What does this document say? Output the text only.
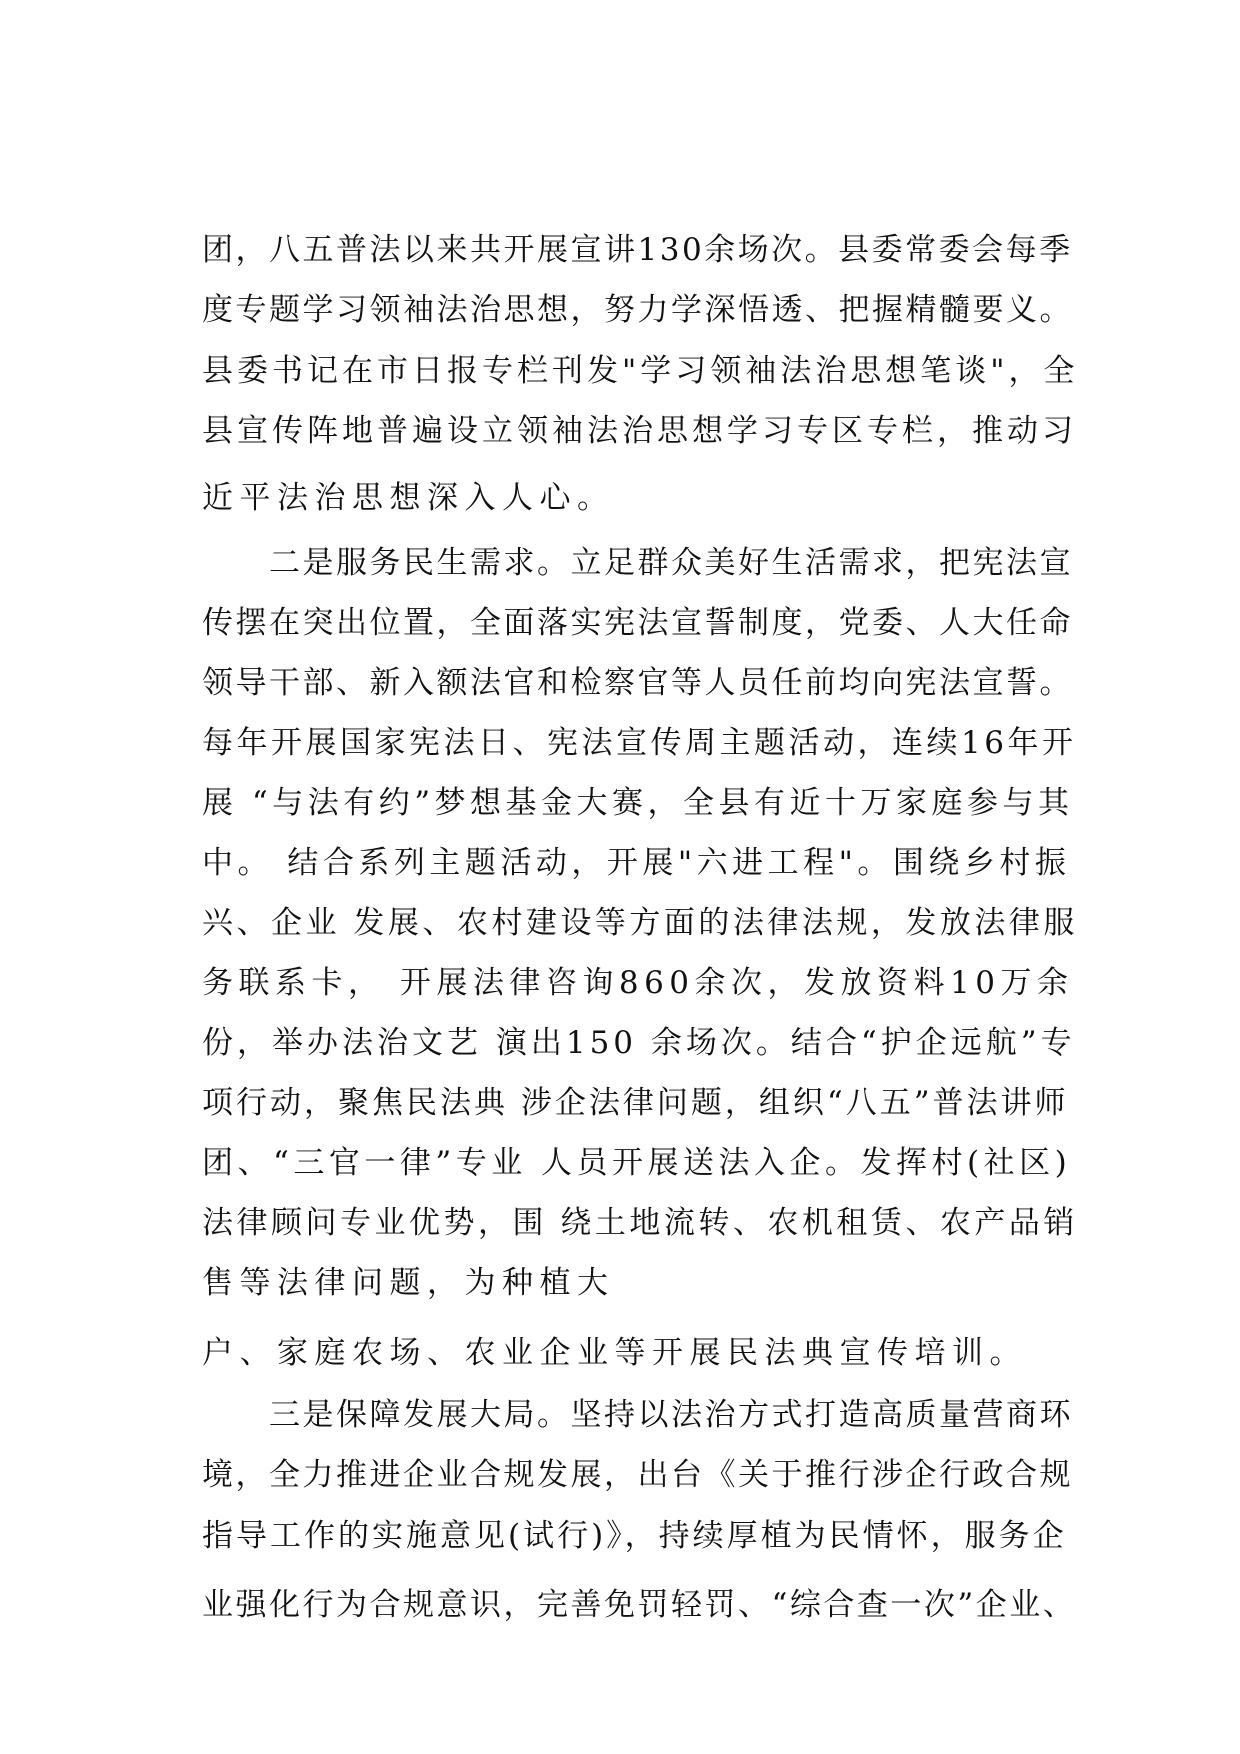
团，八五普法以来共开展宣讲130余场次。县委常委会每季
度专题学习领袖法治思想，努力学深悟透、把握精髓要义。
县委书记在市日报专栏刊发"学习领袖法治思想笔谈"，全
县宣传阵地普遍设立领袖法治思想学习专区专栏，推动习
近平法治思想深入人心。
　　二是服务民生需求。立足群众美好生活需求，把宪法宣
传摆在突出位置，全面落实宪法宣誓制度，党委、人大任命
领导干部、新入额法官和检察官等人员任前均向宪法宣誓。
每年开展国家宪法日、宪法宣传周主题活动，连续16年开
展 “与法有约”梦想基金大赛，全县有近十万家庭参与其
中。 结合系列主题活动，开展"六进工程"。围绕乡村振
兴、企业 发展、农村建设等方面的法律法规，发放法律服
务联系卡， 开展法律咨询860余次，发放资料10万余
份，举办法治文艺 演出150 余场次。结合“护企远航”专
项行动，聚焦民法典 涉企法律问题，组织“八五”普法讲师
团、“三官一律”专业 人员开展送法入企。发挥村(社区)
法律顾问专业优势，围 绕土地流转、农机租赁、农产品销
售等法律问题，为种植大
户、家庭农场、农业企业等开展民法典宣传培训。
　　三是保障发展大局。坚持以法治方式打造高质量营商环
境，全力推进企业合规发展，出台《关于推行涉企行政合规
指导工作的实施意见(试行)》，持续厚植为民情怀，服务企
业强化行为合规意识，完善免罚轻罚、“综合查一次”企业、
